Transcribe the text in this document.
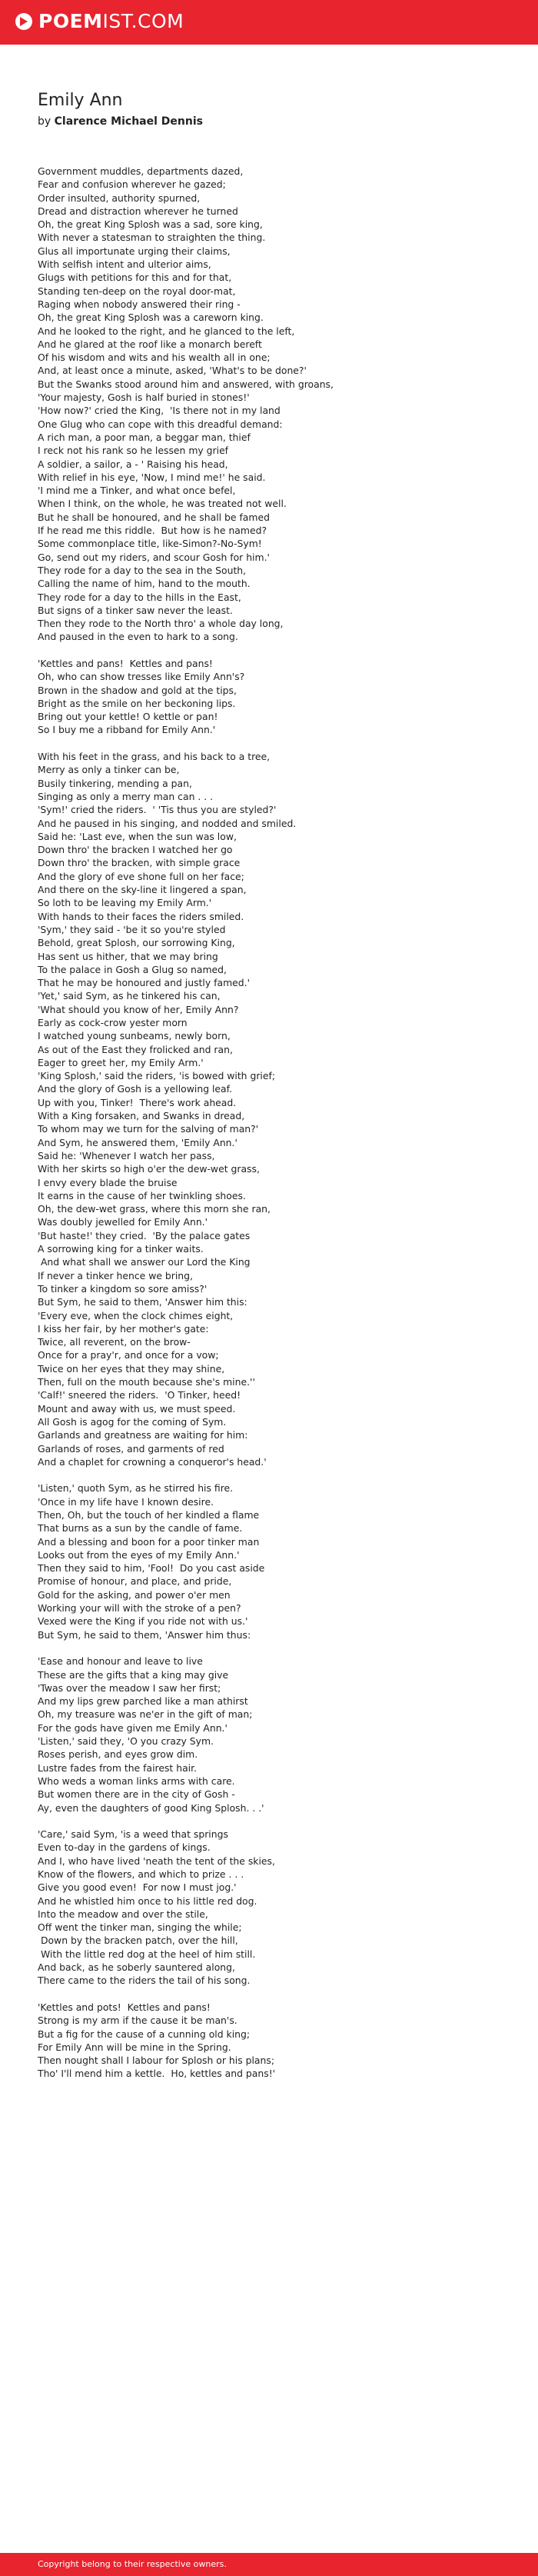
POEMIST.COM
Emily Ann
by Clarence Michael Dennis
Government muddles, departments dazed,
Fear and confusion wherever he gazed;
Order insulted, authority spurned,
Dread and distraction wherever he turned
Oh, the great King Splosh was a sad, sore king,
With never a statesman to straighten the thing.
Glus all importunate urging their claims,
With selfish intent and ulterior aims,
Glugs with petitions for this and for that,
Standing ten-deep on the royal door-mat,
Raging when nobody answered their ring -
Oh, the great King Splosh was a careworn king.
And he looked to the right, and he glanced to the left,
And he glared at the roof like a monarch bereft
Of his wisdom and wits and his wealth all in one;
And, at least once a minute, asked, 'What's to be done?'
But the Swanks stood around him and answered, with groans,
'Your majesty, Gosh is half buried in stones!'
'How now?' cried the King,  'Is there not in my land
One Glug who can cope with this dreadful demand:
A rich man, a poor man, a beggar man, thief
I reck not his rank so he lessen my grief
A soldier, a sailor, a - ' Raising his head,
With relief in his eye, 'Now, I mind me!' he said.
'I mind me a Tinker, and what once befel,
When I think, on the whole, he was treated not well.
But he shall be honoured, and he shall be famed
If he read me this riddle.  But how is he named?
Some commonplace title, like-Simon?-No-Sym!
Go, send out my riders, and scour Gosh for him.'
They rode for a day to the sea in the South,
Calling the name of him, hand to the mouth.
They rode for a day to the hills in the East,
But signs of a tinker saw never the least.
Then they rode to the North thro' a whole day long,
And paused in the even to hark to a song.
'Kettles and pans!  Kettles and pans!
Oh, who can show tresses like Emily Ann's?
Brown in the shadow and gold at the tips,
Bright as the smile on her beckoning lips.
Bring out your kettle! O kettle or pan!
So I buy me a ribband for Emily Ann.'
With his feet in the grass, and his back to a tree,
Merry as only a tinker can be,
Busily tinkering, mending a pan,
Singing as only a merry man can . . .
'Sym!' cried the riders.  ' 'Tis thus you are styled?'
And he paused in his singing, and nodded and smiled.
Said he: 'Last eve, when the sun was low,
Down thro' the bracken I watched her go
Down thro' the bracken, with simple grace
And the glory of eve shone full on her face;
And there on the sky-line it lingered a span,
So loth to be leaving my Emily Arm.'
With hands to their faces the riders smiled.
'Sym,' they said - 'be it so you're styled
Behold, great Splosh, our sorrowing King,
Has sent us hither, that we may bring
To the palace in Gosh a Glug so named,
That he may be honoured and justly famed.'
'Yet,' said Sym, as he tinkered his can,
'What should you know of her, Emily Ann?
Early as cock-crow yester morn
I watched young sunbeams, newly born,
As out of the East they frolicked and ran,
Eager to greet her, my Emily Arm.'
'King Splosh,' said the riders, 'is bowed with grief;
And the glory of Gosh is a yellowing leaf.
Up with you, Tinker!  There's work ahead.
With a King forsaken, and Swanks in dread,
To whom may we turn for the salving of man?'
And Sym, he answered them, 'Emily Ann.'
Said he: 'Whenever I watch her pass,
With her skirts so high o'er the dew-wet grass,
I envy every blade the bruise
It earns in the cause of her twinkling shoes.
Oh, the dew-wet grass, where this morn she ran,
Was doubly jewelled for Emily Ann.'
'But haste!' they cried.  'By the palace gates
A sorrowing king for a tinker waits.
And what shall we answer our Lord the King
If never a tinker hence we bring,
To tinker a kingdom so sore amiss?'
But Sym, he said to them, 'Answer him this:
'Every eve, when the clock chimes eight,
I kiss her fair, by her mother's gate:
Twice, all reverent, on the brow-
Once for a pray'r, and once for a vow;
Twice on her eyes that they may shine,
Then, full on the mouth because she's mine.''
'Calf!' sneered the riders.  'O Tinker, heed!
Mount and away with us, we must speed.
All Gosh is agog for the coming of Sym.
Garlands and greatness are waiting for him:
Garlands of roses, and garments of red
And a chaplet for crowning a conqueror's head.'
'Listen,' quoth Sym, as he stirred his fire.
'Once in my life have I known desire.
Then, Oh, but the touch of her kindled a flame
That burns as a sun by the candle of fame.
And a blessing and boon for a poor tinker man
Looks out from the eyes of my Emily Ann.'
Then they said to him, 'Fool!  Do you cast aside
Promise of honour, and place, and pride,
Gold for the asking, and power o'er men
Working your will with the stroke of a pen?
Vexed were the King if you ride not with us.'
But Sym, he said to them, 'Answer him thus:
'Ease and honour and leave to live
These are the gifts that a king may give
'Twas over the meadow I saw her first;
And my lips grew parched like a man athirst
Oh, my treasure was ne'er in the gift of man;
For the gods have given me Emily Ann.'
'Listen,' said they, 'O you crazy Sym.
Roses perish, and eyes grow dim.
Lustre fades from the fairest hair.
Who weds a woman links arms with care.
But women there are in the city of Gosh -
Ay, even the daughters of good King Splosh. . .'
'Care,' said Sym, 'is a weed that springs
Even to-day in the gardens of kings.
And I, who have lived 'neath the tent of the skies,
Know of the flowers, and which to prize . . .
Give you good even!  For now I must jog.'
And he whistled him once to his little red dog.
Into the meadow and over the stile,
Off went the tinker man, singing the while;
Down by the bracken patch, over the hill,
With the little red dog at the heel of him still.
And back, as he soberly sauntered along,
There came to the riders the tail of his song.
'Kettles and pots!  Kettles and pans!
Strong is my arm if the cause it be man's.
But a fig for the cause of a cunning old king;
For Emily Ann will be mine in the Spring.
Then nought shall I labour for Splosh or his plans;
Tho' I'll mend him a kettle.  Ho, kettles and pans!'
Copyright belong to their respective owners.
